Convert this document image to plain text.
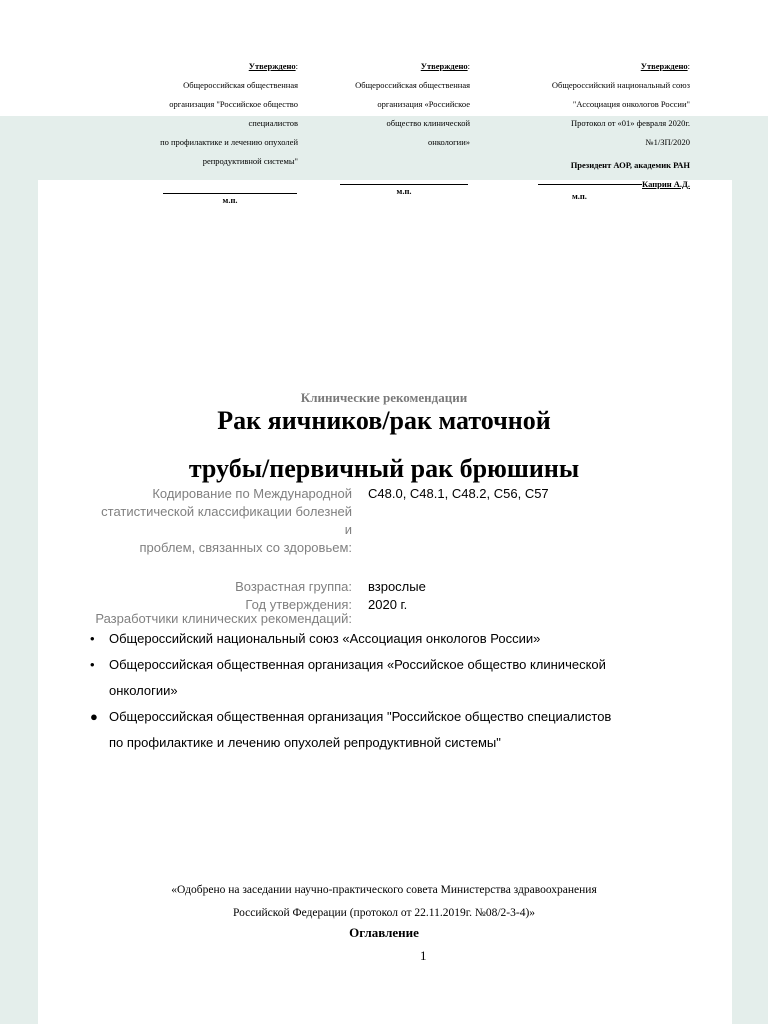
Утверждено:
Общероссийская общественная
организация "Российское общество
специалистов
по профилактике и лечению опухолей
репродуктивной системы"
м.п.
Утверждено:
Общероссийская общественная
организация «Российское
общество клинической
онкологии»
м.п.
Утверждено:
Общероссийский национальный союз
"Ассоциация онкологов России"
Протокол от «01» февраля 2020г.
№1/ЗП/2020
Президент АОР, академик РАН
Каприн А.Д.
м.п.
Клинические рекомендации
Рак яичников/рак маточной
трубы/первичный рак брюшины
Кодирование по Международной
статистической классификации болезней
и
проблем, связанных со здоровьем:
С48.0, С48.1, С48.2, С56, С57
Возрастная группа: взрослые
Год утверждения: 2020 г.
Разработчики клинических рекомендаций:
• Общероссийский национальный союз «Ассоциация онкологов России»
• Общероссийская общественная организация «Российское общество клинической
онкологии»
● Общероссийская общественная организация "Российское общество специалистов
по профилактике и лечению опухолей репродуктивной системы"
«Одобрено на заседании научно-практического совета Министерства здравоохранения
Российской Федерации (протокол от 22.11.2019г. №08/2-3-4)»
Оглавление
1
